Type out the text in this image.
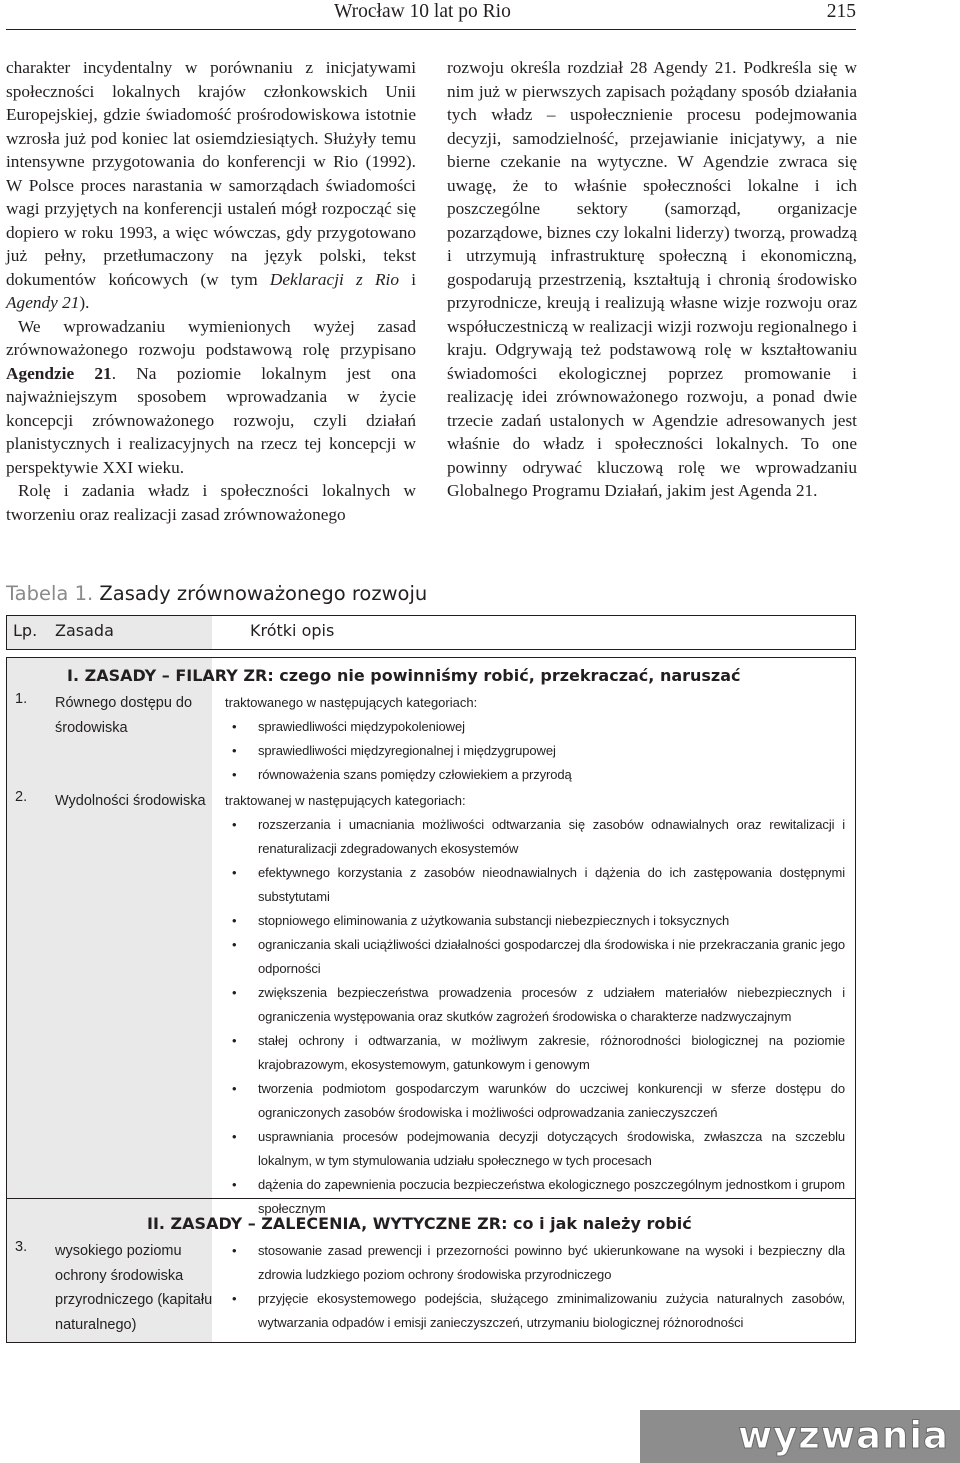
Wrocław 10 lat po Rio	215

charakter incydentalny w porównaniu z inicjatywami społeczności lokalnych krajów członkowskich Unii Europejskiej, gdzie świadomość prośrodowiskowa istotnie wzrosła już pod koniec lat osiemdziesiątych. Służyły temu intensywne przygotowania do konferencji w Rio (1992). W Polsce proces narastania w samorządach świadomości wagi przyjętych na konferencji ustaleń mógł rozpocząć się dopiero w roku 1993, a więc wówczas, gdy przygotowano już pełny, przetłumaczony na język polski, tekst dokumentów końcowych (w tym Deklaracji z Rio i Agendy 21).

We wprowadzaniu wymienionych wyżej zasad zrównoważonego rozwoju podstawową rolę przypisano Agendzie 21. Na poziomie lokalnym jest ona najważniejszym sposobem wprowadzania w życie koncepcji zrównoważonego rozwoju, czyli działań planistycznych i realizacyjnych na rzecz tej koncepcji w perspektywie XXI wieku.

Rolę i zadania władz i społeczności lokalnych w tworzeniu oraz realizacji zasad zrównoważonego

rozwoju określa rozdział 28 Agendy 21. Podkreśla się w nim już w pierwszych zapisach pożądany sposób działania tych władz – uspołecznienie procesu podejmowania decyzji, samodzielność, przejawianie inicjatywy, a nie bierne czekanie na wytyczne. W Agendzie zwraca się uwagę, że to właśnie społeczności lokalne i ich poszczególne sektory (samorząd, organizacje pozarządowe, biznes czy lokalni liderzy) tworzą, prowadzą i utrzymują infrastrukturę społeczną i ekonomiczną, gospodarują przestrzenią, kształtują i chronią środowisko przyrodnicze, kreują i realizują własne wizje rozwoju oraz współuczestniczą w realizacji wizji rozwoju regionalnego i kraju. Odgrywają też podstawową rolę w kształtowaniu świadomości ekologicznej poprzez promowanie i realizację idei zrównoważonego rozwoju, a ponad dwie trzecie zadań ustalonych w Agendzie adresowanych jest właśnie do władz i społeczności lokalnych. To one powinny odrywać kluczową rolę we wprowadzaniu Globalnego Programu Działań, jakim jest Agenda 21.

Tabela 1. Zasady zrównoważonego rozwoju
Lp. Zasada	Krótki opis
I. ZASADY – FILARY ZR: czego nie powinniśmy robić, przekraczać, naruszać
1. Równego dostępu do środowiska
traktowanego w następujących kategoriach:
• sprawiedliwości międzypokoleniowej
• sprawiedliwości międzyregionalnej i międzygrupowej
• równoważenia szans pomiędzy człowiekiem a przyrodą
2. Wydolności środowiska	traktowanej w następujących kategoriach:
• rozszerzania i umacniania możliwości odtwarzania się zasobów odnawialnych oraz rewitalizacji i renaturalizacji zdegradowanych ekosystemów
• efektywnego korzystania z zasobów nieodnawialnych i dążenia do ich zastępowania dostępnymi substytutami
• stopniowego eliminowania z użytkowania substancji niebezpiecznych i toksycznych
• ograniczania skali uciążliwości działalności gospodarczej dla środowiska i nie przekraczania granic jego odporności
• zwiększenia bezpieczeństwa prowadzenia procesów z udziałem materiałów niebezpiecznych i ograniczenia występowania oraz skutków zagrożeń środowiska o charakterze nadzwyczajnym
• stałej ochrony i odtwarzania, w możliwym zakresie, różnorodności biologicznej na poziomie krajobrazowym, ekosystemowym, gatunkowym i genowym
• tworzenia podmiotom gospodarczym warunków do uczciwej konkurencji w sferze dostępu do ograniczonych zasobów środowiska i możliwości odprowadzania zanieczyszczeń
• usprawniania procesów podejmowania decyzji dotyczących środowiska, zwłaszcza na szczeblu lokalnym, w tym stymulowania udziału społecznego w tych procesach
• dążenia do zapewnienia poczucia bezpieczeństwa ekologicznego poszczególnym jednostkom i grupom społecznym
II. ZASADY – ZALECENIA, WYTYCZNE ZR: co i jak należy robić
3. wysokiego poziomu ochrony środowiska przyrodniczego (kapitału naturalnego)
• stosowanie zasad prewencji i przezorności powinno być ukierunkowane na wysoki i bezpieczny dla zdrowia ludzkiego poziom ochrony środowiska przyrodniczego
• przyjęcie ekosystemowego podejścia, służącego zminimalizowaniu zużycia naturalnych zasobów, wytwarzania odpadów i emisji zanieczyszczeń, utrzymaniu biologicznej różnorodności
wyzwania
